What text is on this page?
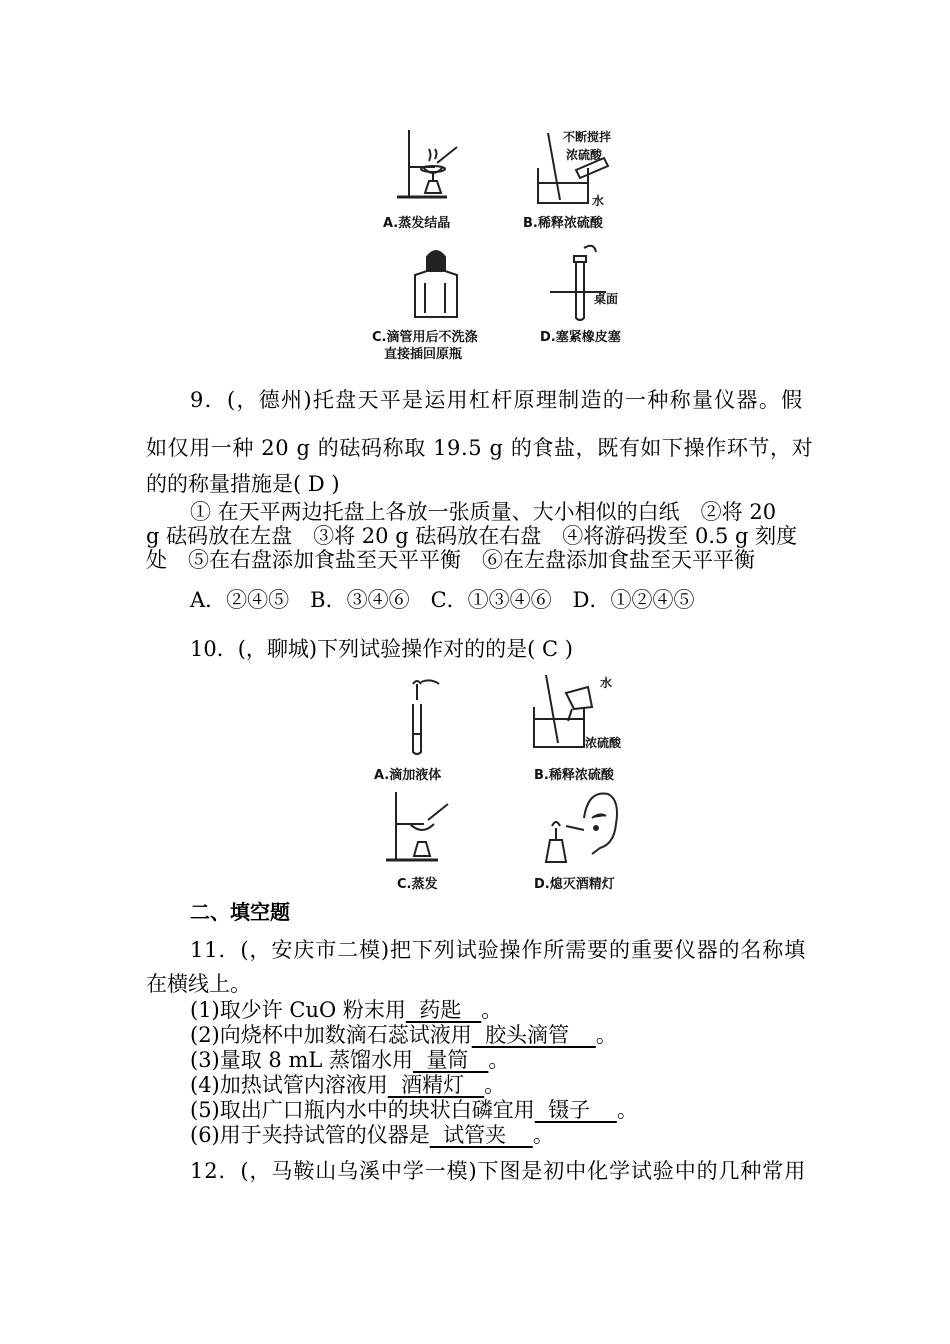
A.蒸发结晶
不断搅拌
浓硫酸
水
B.稀释浓硫酸
C.滴管用后不洗涤
直接插回原瓶
桌面
D.塞紧橡皮塞
9．(，德州)托盘天平是运用杠杆原理制造的一种称量仪器。假
如仅用一种 20 g 的砝码称取 19.5 g 的食盐，既有如下操作环节，对
的的称量措施是( D )
① 在天平两边托盘上各放一张质量、大小相似的白纸　②将 20
g 砝码放在左盘　③将 20 g 砝码放在右盘　④将游码拨至 0.5 g 刻度
处　⑤在右盘添加食盐至天平平衡　⑥在左盘添加食盐至天平平衡
A．②④⑤　B．③④⑥　C．①③④⑥　D．①②④⑤
10．(，聊城)下列试验操作对的的是( C )
A.滴加液体
水
浓硫酸
B.稀释浓硫酸
C.蒸发	D.熄灭酒精灯
二、填空题
11．(，安庆市二模)把下列试验操作所需要的重要仪器的名称填
在横线上。
(1)取少许 CuO 粉末用  药匙   。
(2)向烧杯中加数滴石蕊试液用  胶头滴管    。
(3)量取 8 mL 蒸馏水用  量筒   。
(4)加热试管内溶液用  酒精灯   。
(5)取出广口瓶内水中的块状白磷宜用  镊子    。
(6)用于夹持试管的仪器是  试管夹    。
12．(，马鞍山乌溪中学一模)下图是初中化学试验中的几种常用
